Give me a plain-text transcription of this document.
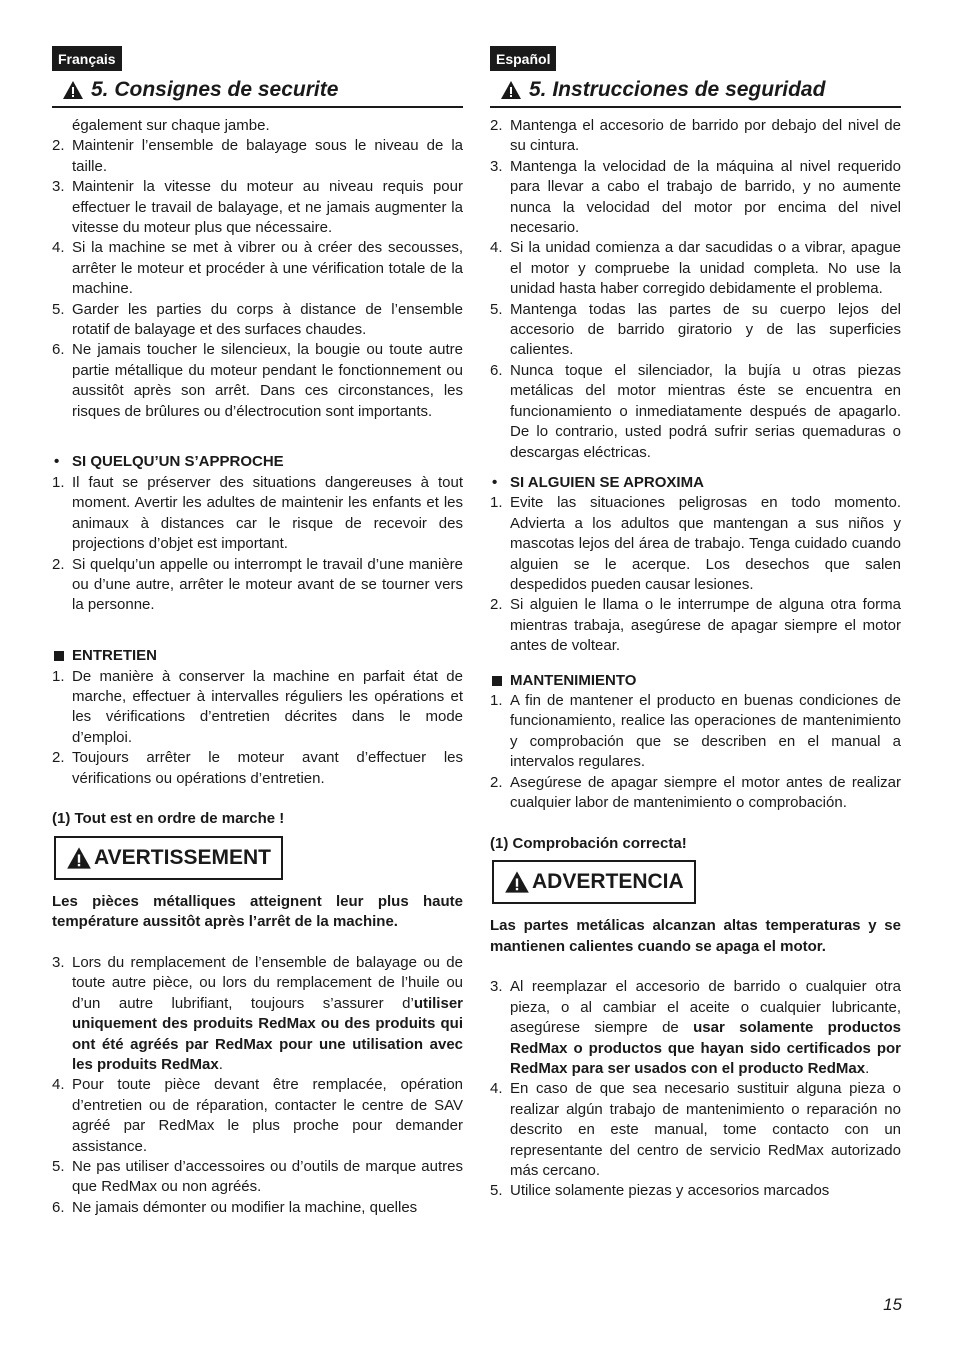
Français
5. Consignes de securite

également sur chaque jambe.

2. Maintenir l’ensemble de balayage sous le niveau de la taille.
3. Maintenir la vitesse du moteur au niveau requis pour effectuer le travail de balayage, et ne jamais augmenter la vitesse du moteur plus que nécessaire.
4. Si la machine se met à vibrer ou à créer des secousses, arrêter le moteur et procéder à une vérification totale de la machine.
5. Garder les parties du corps à distance de l’ensemble rotatif de balayage et des surfaces chaudes.
6. Ne jamais toucher le silencieux, la bougie ou toute autre partie métallique du moteur pendant le fonctionnement ou aussitôt après son arrêt. Dans ces circonstances, les risques de brûlures ou d’électrocution sont importants.
• SI QUELQU’UN S’APPROCHE
1. Il faut se préserver des situations dangereuses à tout moment. Avertir les adultes de maintenir les enfants et les animaux à distances car le risque de recevoir des projections d’objet est important.
2. Si quelqu’un appelle ou interrompt le travail d’une manière ou d’une autre, arrêter le moteur avant de se tourner vers la personne.
ENTRETIEN
1. De manière à conserver la machine en parfait état de marche, effectuer à intervalles réguliers les opérations et les vérifications d’entretien décrites dans le mode d’emploi.
2. Toujours arrêter le moteur avant d’effectuer les vérifications ou opérations d’entretien.

(1) Tout est en ordre de marche !

AVERTISSEMENT

Les pièces métalliques atteignent leur plus haute température aussitôt après l’arrêt de la machine.

3. Lors du remplacement de l’ensemble de balayage ou de toute autre pièce, ou lors du remplacement de l’huile ou d’un autre lubrifiant, toujours s’assurer d’utiliser uniquement des produits RedMax ou des produits qui ont été agréés par RedMax pour une utilisation avec les produits RedMax.
4. Pour toute pièce devant être remplacée, opération d’entretien ou de réparation, contacter le centre de SAV agréé par RedMax le plus proche pour demander assistance.
5. Ne pas utiliser d’accessoires ou d’outils de marque autres que RedMax ou non agréés.
6. Ne jamais démonter ou modifier la machine, quelles
Español
5. Instrucciones de seguridad
2. Mantenga el accesorio de barrido por debajo del nivel de su cintura.
3. Mantenga la velocidad de la máquina al nivel requerido para llevar a cabo el trabajo de barrido, y no aumente nunca la velocidad del motor por encima del nivel necesario.
4. Si la unidad comienza a dar sacudidas o a vibrar, apague el motor y compruebe la unidad completa. No use la unidad hasta haber corregido debidamente el problema.
5. Mantenga todas las partes de su cuerpo lejos del accesorio de barrido giratorio y de las superficies calientes.
6. Nunca toque el silenciador, la bujía u otras piezas metálicas del motor mientras éste se encuentra en funcionamiento o inmediatamente después de apagarlo. De lo contrario, usted podrá sufrir serias quemaduras o descargas eléctricas.
• SI ALGUIEN SE APROXIMA
1. Evite las situaciones peligrosas en todo momento. Advierta a los adultos que mantengan a sus niños y mascotas lejos del área de trabajo. Tenga cuidado cuando alguien se le acerque. Los desechos que salen despedidos pueden causar lesiones.
2. Si alguien le llama o le interrumpe de alguna otra forma mientras trabaja, asegúrese de apagar siempre el motor antes de voltear.
MANTENIMIENTO
1. A fin de mantener el producto en buenas condiciones de funcionamiento, realice las operaciones de mantenimiento y comprobación que se describen en el manual a intervalos regulares.
2. Asegúrese de apagar siempre el motor antes de realizar cualquier labor de mantenimiento o comprobación.

(1) Comprobación correcta!

ADVERTENCIA

Las partes metálicas alcanzan altas temperaturas y se mantienen calientes cuando se apaga el motor.

3. Al reemplazar el accesorio de barrido o cualquier otra pieza, o al cambiar el aceite o cualquier lubricante, asegúrese siempre de usar solamente productos RedMax o productos que hayan sido certificados por RedMax para ser usados con el producto RedMax.
4. En caso de que sea necesario sustituir alguna pieza o realizar algún trabajo de mantenimiento o reparación no descrito en este manual, tome contacto con un representante del centro de servicio RedMax autorizado más cercano.
5. Utilice solamente piezas y accesorios marcados
15
